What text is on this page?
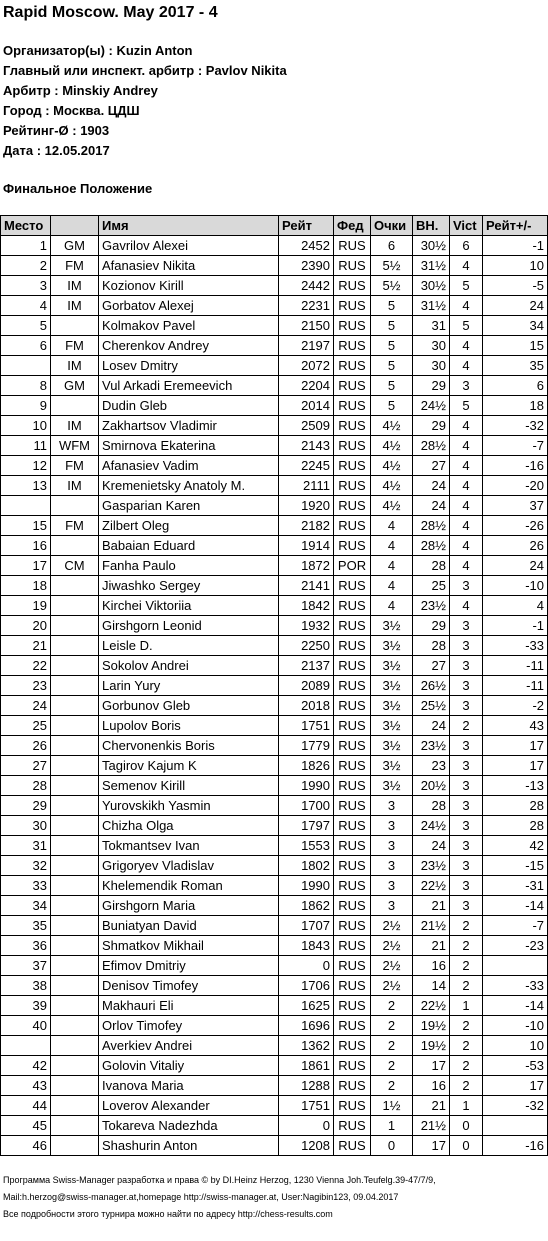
Rapid Moscow. May 2017 - 4
Организатор(ы) : Kuzin Anton
Главный или инспект. арбитр : Pavlov Nikita
Арбитр : Minskiy Andrey
Город : Москва. ЦДШ
Рейтинг-Ø : 1903
Дата : 12.05.2017
Финальное Положение
Место		Имя	Рейт	Фед	Очки	ВН.	Vict	Рейт+/-
1	GM	Gavrilov Alexei	2452	RUS	6	30½	6	-1
2	FM	Afanasiev Nikita	2390	RUS	5½	31½	4	10
3	IM	Kozionov Kirill	2442	RUS	5½	30½	5	-5
4	IM	Gorbatov Alexej	2231	RUS	5	31½	4	24
5		Kolmakov Pavel	2150	RUS	5	31	5	34
6	FM	Cherenkov Andrey	2197	RUS	5	30	4	15
	IM	Losev Dmitry	2072	RUS	5	30	4	35
8	GM	Vul Arkadi Eremeevich	2204	RUS	5	29	3	6
9		Dudin Gleb	2014	RUS	5	24½	5	18
10	IM	Zakhartsov Vladimir	2509	RUS	4½	29	4	-32
11	WFM	Smirnova Ekaterina	2143	RUS	4½	28½	4	-7
12	FM	Afanasiev Vadim	2245	RUS	4½	27	4	-16
13	IM	Kremenietsky Anatoly M.	2111	RUS	4½	24	4	-20
		Gasparian Karen	1920	RUS	4½	24	4	37
15	FM	Zilbert Oleg	2182	RUS	4	28½	4	-26
16		Babaian Eduard	1914	RUS	4	28½	4	26
17	CM	Fanha Paulo	1872	POR	4	28	4	24
18		Jiwashko Sergey	2141	RUS	4	25	3	-10
19		Kirchei Viktoriia	1842	RUS	4	23½	4	4
20		Girshgorn Leonid	1932	RUS	3½	29	3	-1
21		Leisle D.	2250	RUS	3½	28	3	-33
22		Sokolov Andrei	2137	RUS	3½	27	3	-11
23		Larin Yury	2089	RUS	3½	26½	3	-11
24		Gorbunov Gleb	2018	RUS	3½	25½	3	-2
25		Lupolov Boris	1751	RUS	3½	24	2	43
26		Chervonenkis Boris	1779	RUS	3½	23½	3	17
27		Tagirov Kajum K	1826	RUS	3½	23	3	17
28		Semenov Kirill	1990	RUS	3½	20½	3	-13
29		Yurovskikh Yasmin	1700	RUS	3	28	3	28
30		Chizha Olga	1797	RUS	3	24½	3	28
31		Tokmantsev Ivan	1553	RUS	3	24	3	42
32		Grigoryev Vladislav	1802	RUS	3	23½	3	-15
33		Khelemendik Roman	1990	RUS	3	22½	3	-31
34		Girshgorn Maria	1862	RUS	3	21	3	-14
35		Buniatyan David	1707	RUS	2½	21½	2	-7
36		Shmatkov Mikhail	1843	RUS	2½	21	2	-23
37		Efimov Dmitriy	0	RUS	2½	16	2	
38		Denisov Timofey	1706	RUS	2½	14	2	-33
39		Makhauri Eli	1625	RUS	2	22½	1	-14
40		Orlov Timofey	1696	RUS	2	19½	2	-10
		Averkiev Andrei	1362	RUS	2	19½	2	10
42		Golovin Vitaliy	1861	RUS	2	17	2	-53
43		Ivanova Maria	1288	RUS	2	16	2	17
44		Loverov Alexander	1751	RUS	1½	21	1	-32
45		Tokareva Nadezhda	0	RUS	1	21½	0	
46		Shashurin Anton	1208	RUS	0	17	0	-16
Программа Swiss-Manager разработка и права © by DI.Heinz Herzog, 1230 Vienna Joh.Teufelg.39-47/7/9,
Mail:h.herzog@swiss-manager.at,homepage http://swiss-manager.at, User:Nagibin123, 09.04.2017
Все подробности этого турнира можно найти по адресу http://chess-results.com
